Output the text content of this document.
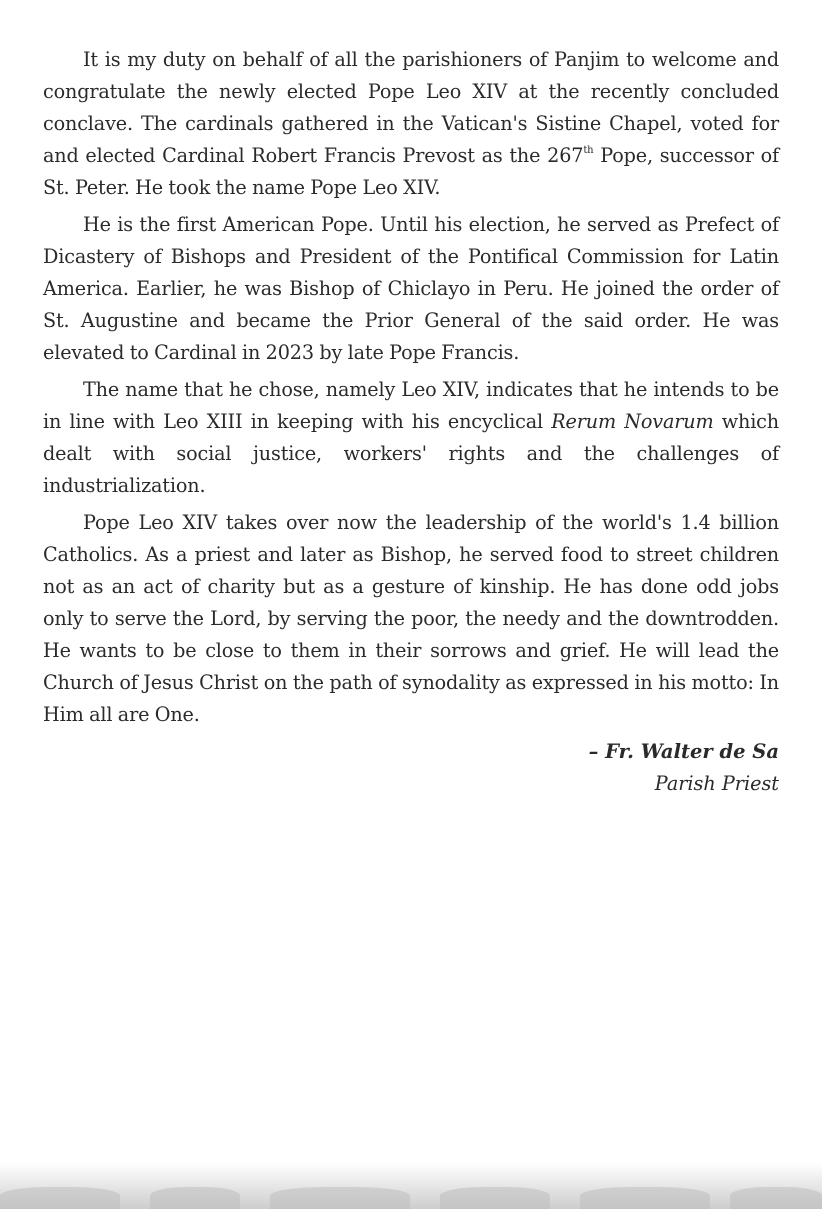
It is my duty on behalf of all the parishioners of Panjim to welcome and congratulate the newly elected Pope Leo XIV at the recently concluded conclave. The cardinals gathered in the Vatican's Sistine Chapel, voted for and elected Cardinal Robert Francis Prevost as the 267th Pope, successor of St. Peter. He took the name Pope Leo XIV.

He is the first American Pope. Until his election, he served as Prefect of Dicastery of Bishops and President of the Pontifical Commission for Latin America. Earlier, he was Bishop of Chiclayo in Peru. He joined the order of St. Augustine and became the Prior General of the said order. He was elevated to Cardinal in 2023 by late Pope Francis.

The name that he chose, namely Leo XIV, indicates that he intends to be in line with Leo XIII in keeping with his encyclical Rerum Novarum which dealt with social justice, workers' rights and the challenges of industrialization.

Pope Leo XIV takes over now the leadership of the world's 1.4 billion Catholics. As a priest and later as Bishop, he served food to street children not as an act of charity but as a gesture of kinship. He has done odd jobs only to serve the Lord, by serving the poor, the needy and the downtrodden. He wants to be close to them in their sorrows and grief. He will lead the Church of Jesus Christ on the path of synodality as expressed in his motto: In Him all are One.

– Fr. Walter de Sa
Parish Priest
